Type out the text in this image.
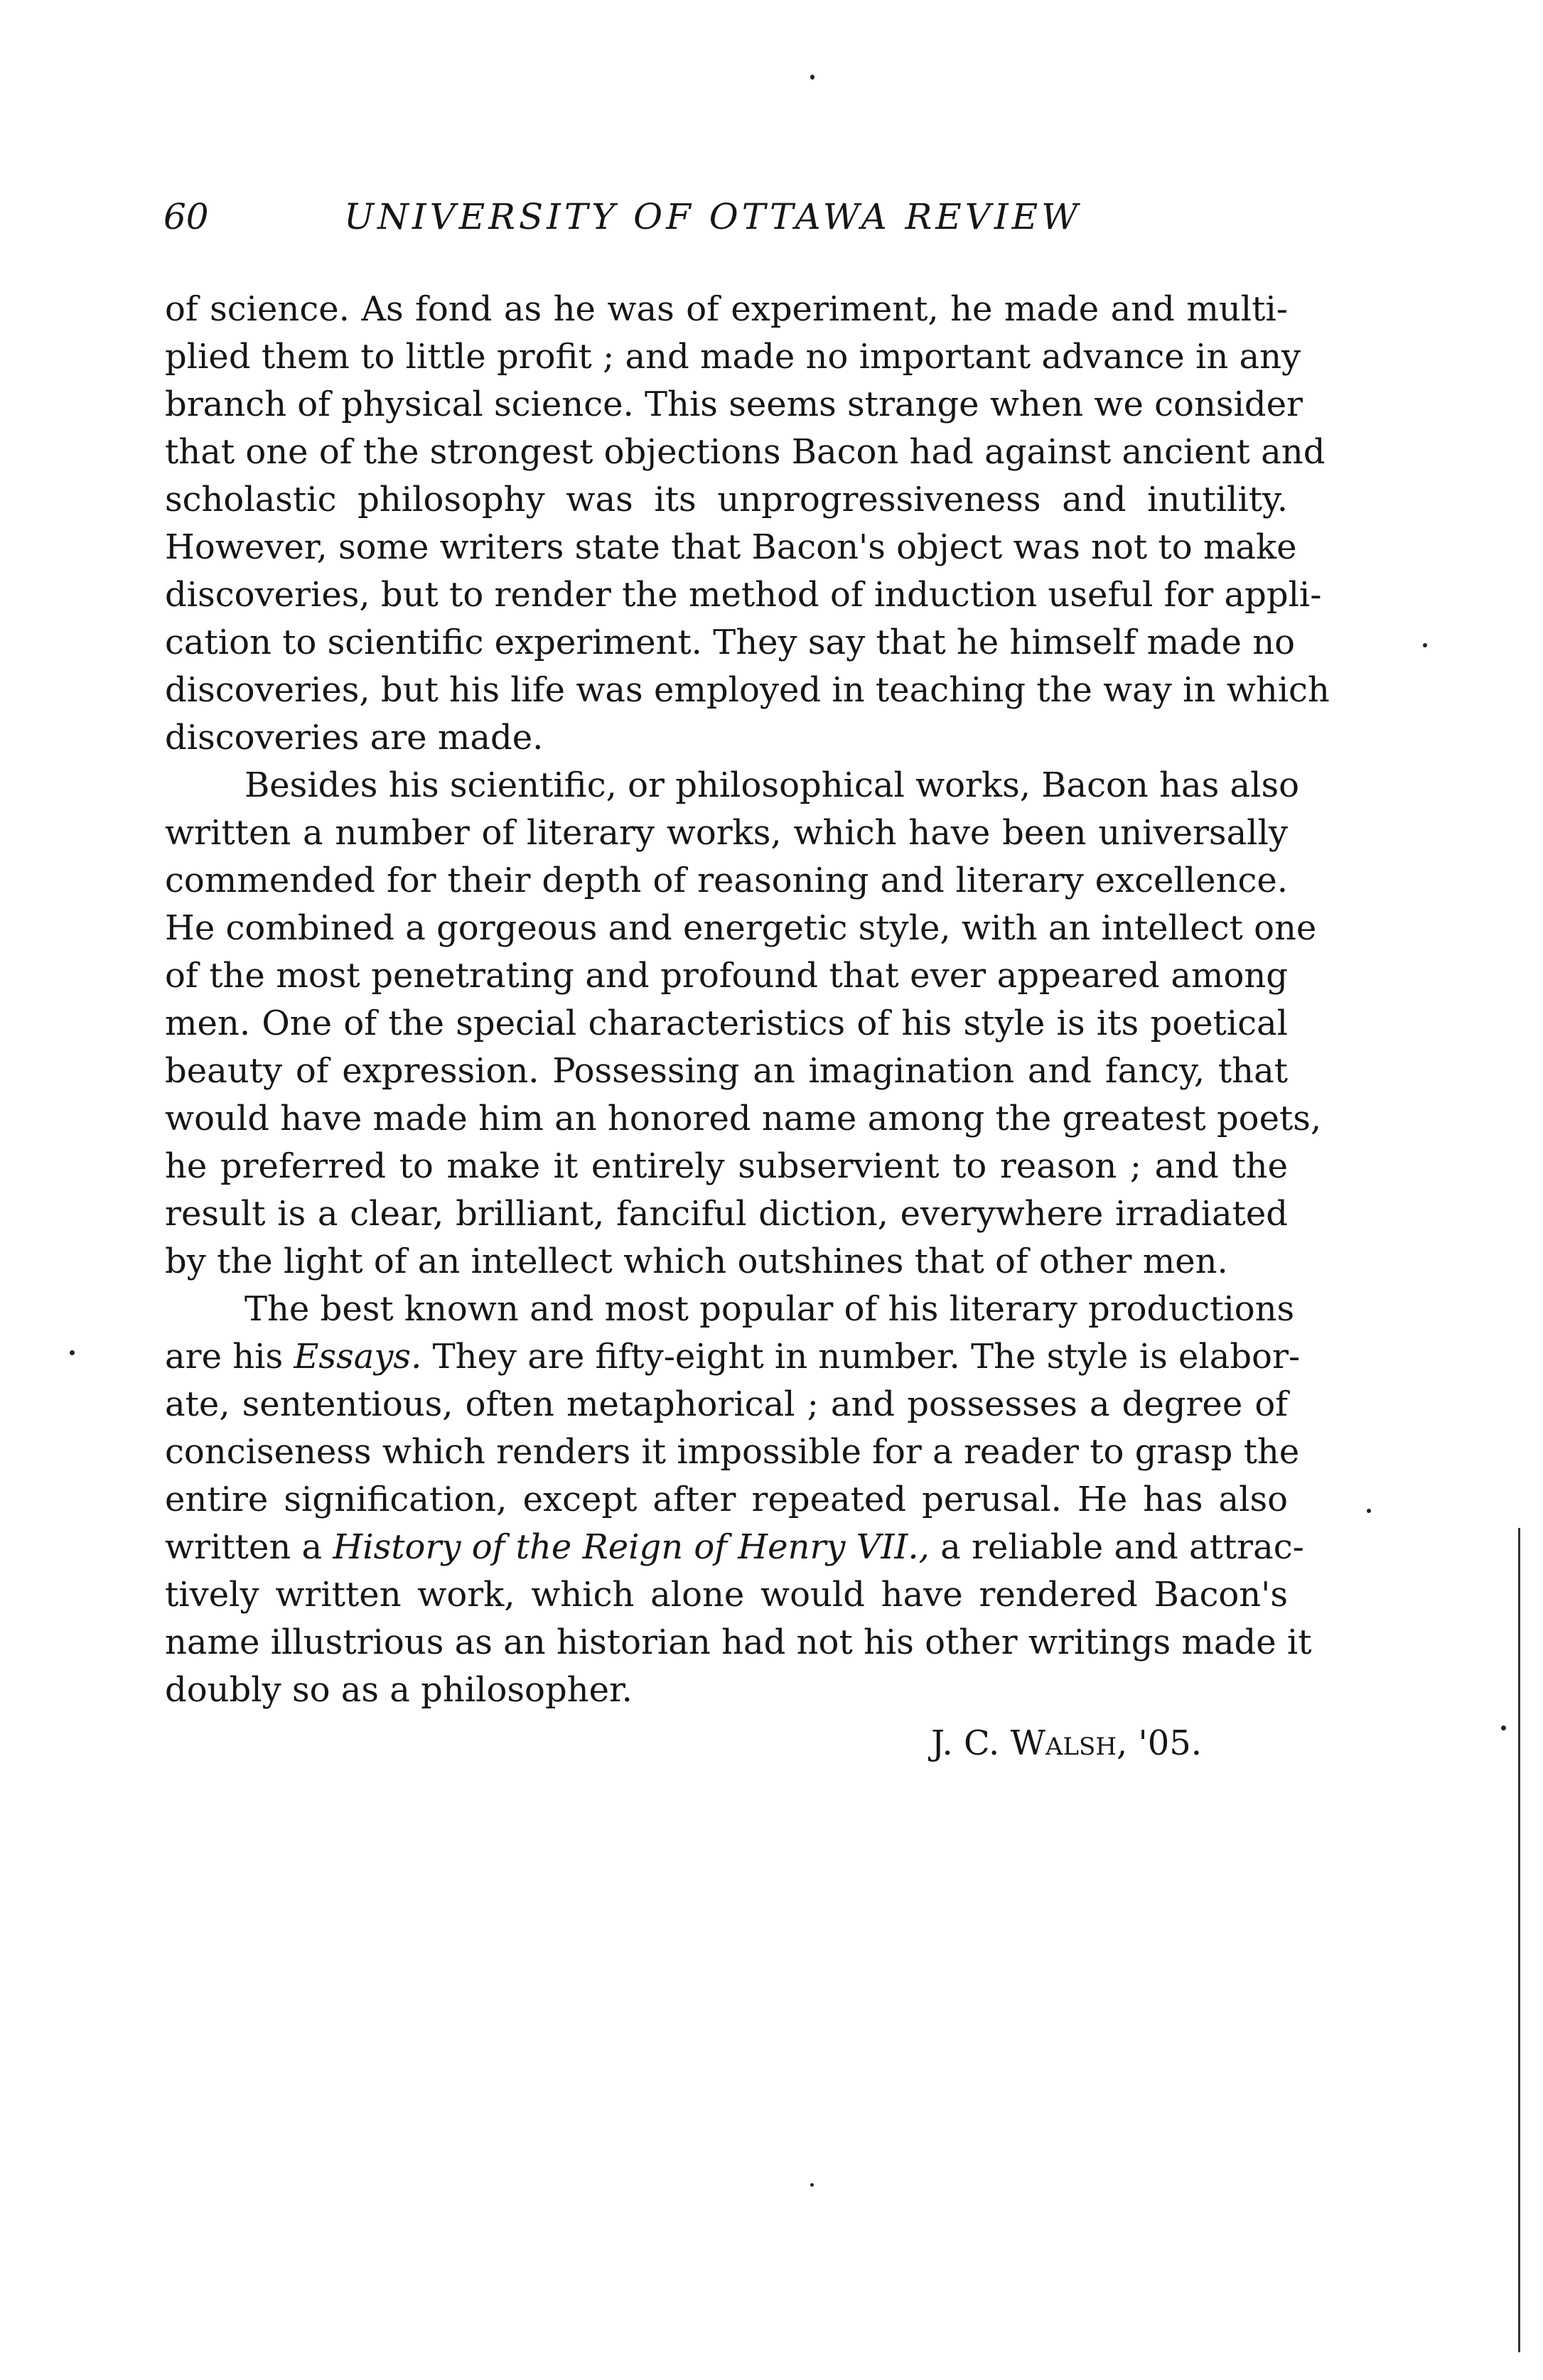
60	UNIVERSITY OF OTTAWA REVIEW
of science. As fond as he was of experiment, he made and multi-
plied them to little profit ; and made no important advance in any
branch of physical science. This seems strange when we consider
that one of the strongest objections Bacon had against ancient and
scholastic philosophy was its unprogressiveness and inutility.
However, some writers state that Bacon's object was not to make
discoveries, but to render the method of induction useful for appli-
cation to scientific experiment. They say that he himself made no
discoveries, but his life was employed in teaching the way in which
discoveries are made.
Besides his scientific, or philosophical works, Bacon has also
written a number of literary works, which have been universally
commended for their depth of reasoning and literary excellence.
He combined a gorgeous and energetic style, with an intellect one
of the most penetrating and profound that ever appeared among
men. One of the special characteristics of his style is its poetical
beauty of expression. Possessing an imagination and fancy, that
would have made him an honored name among the greatest poets,
he preferred to make it entirely subservient to reason ; and the
result is a clear, brilliant, fanciful diction, everywhere irradiated
by the light of an intellect which outshines that of other men.
The best known and most popular of his literary productions
are his Essays. They are fifty-eight in number. The style is elabor-
ate, sententious, often metaphorical ; and possesses a degree of
conciseness which renders it impossible for a reader to grasp the
entire signification, except after repeated perusal. He has also
written a History of the Reign of Henry VII., a reliable and attrac-
tively written work, which alone would have rendered Bacon's
name illustrious as an historian had not his other writings made it
doubly so as a philosopher.
J. C. Walsh, '05.
